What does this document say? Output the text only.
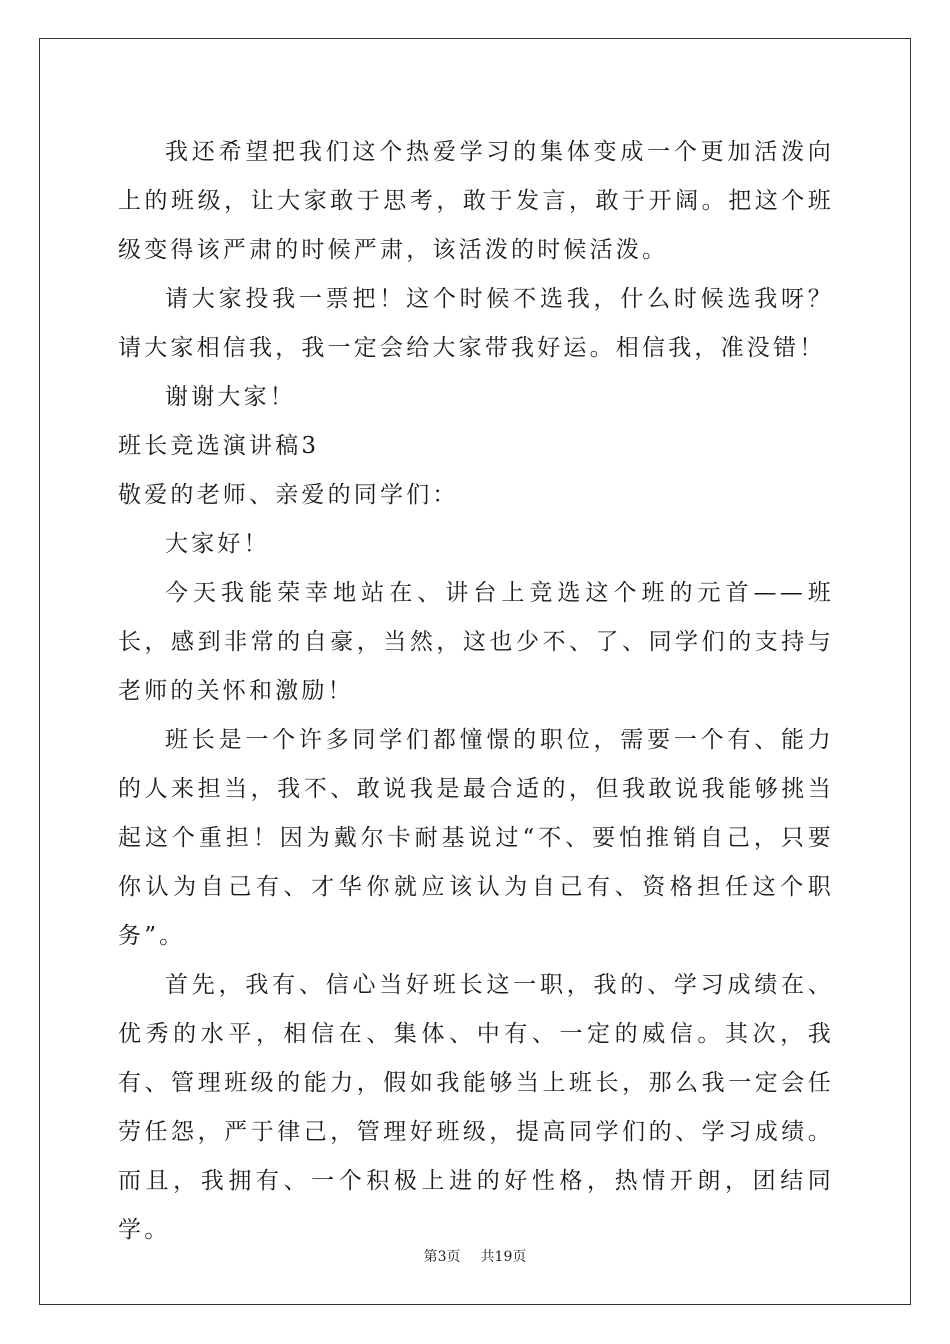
我还希望把我们这个热爱学习的集体变成一个更加活泼向上的班级，让大家敢于思考，敢于发言，敢于开阔。把这个班级变得该严肃的时候严肃，该活泼的时候活泼。

请大家投我一票把！这个时候不选我，什么时候选我呀？请大家相信我，我一定会给大家带我好运。相信我，准没错！

谢谢大家！

班长竞选演讲稿3

敬爱的老师、亲爱的同学们：

大家好！

今天我能荣幸地站在、讲台上竞选这个班的元首——班长，感到非常的自豪，当然，这也少不、了、同学们的支持与老师的关怀和激励！

班长是一个许多同学们都憧憬的职位，需要一个有、能力的人来担当，我不、敢说我是最合适的，但我敢说我能够挑当起这个重担！因为戴尔卡耐基说过“不、要怕推销自己，只要你认为自己有、才华你就应该认为自己有、资格担任这个职务”。

首先，我有、信心当好班长这一职，我的、学习成绩在、优秀的水平，相信在、集体、中有、一定的威信。其次，我有、管理班级的能力，假如我能够当上班长，那么我一定会任劳任怨，严于律己，管理好班级，提高同学们的、学习成绩。而且，我拥有、一个积极上进的好性格，热情开朗，团结同学。

第3页 共19页
